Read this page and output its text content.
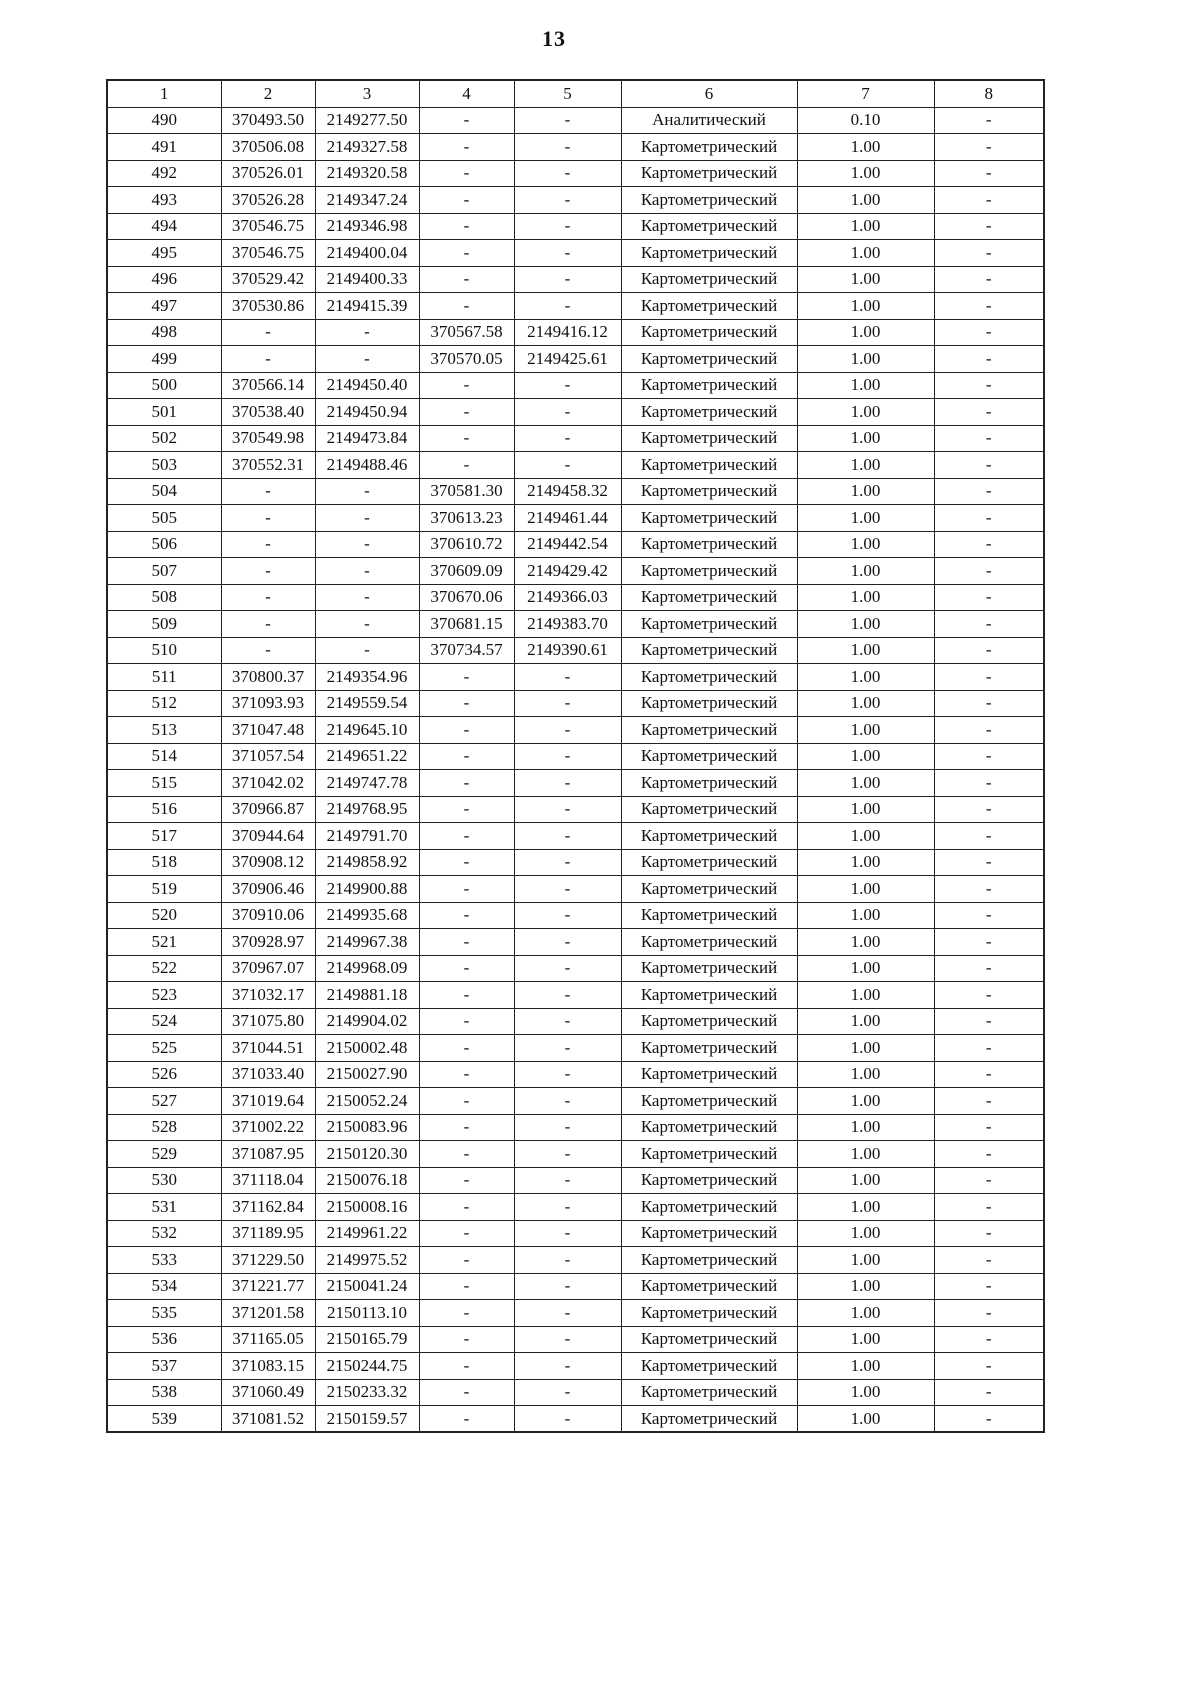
13
1	2	3	4	5	6	7	8
490	370493.50	2149277.50	-	-	Аналитический	0.10	-
491	370506.08	2149327.58	-	-	Картометрический	1.00	-
492	370526.01	2149320.58	-	-	Картометрический	1.00	-
493	370526.28	2149347.24	-	-	Картометрический	1.00	-
494	370546.75	2149346.98	-	-	Картометрический	1.00	-
495	370546.75	2149400.04	-	-	Картометрический	1.00	-
496	370529.42	2149400.33	-	-	Картометрический	1.00	-
497	370530.86	2149415.39	-	-	Картометрический	1.00	-
498	-	-	370567.58	2149416.12	Картометрический	1.00	-
499	-	-	370570.05	2149425.61	Картометрический	1.00	-
500	370566.14	2149450.40	-	-	Картометрический	1.00	-
501	370538.40	2149450.94	-	-	Картометрический	1.00	-
502	370549.98	2149473.84	-	-	Картометрический	1.00	-
503	370552.31	2149488.46	-	-	Картометрический	1.00	-
504	-	-	370581.30	2149458.32	Картометрический	1.00	-
505	-	-	370613.23	2149461.44	Картометрический	1.00	-
506	-	-	370610.72	2149442.54	Картометрический	1.00	-
507	-	-	370609.09	2149429.42	Картометрический	1.00	-
508	-	-	370670.06	2149366.03	Картометрический	1.00	-
509	-	-	370681.15	2149383.70	Картометрический	1.00	-
510	-	-	370734.57	2149390.61	Картометрический	1.00	-
511	370800.37	2149354.96	-	-	Картометрический	1.00	-
512	371093.93	2149559.54	-	-	Картометрический	1.00	-
513	371047.48	2149645.10	-	-	Картометрический	1.00	-
514	371057.54	2149651.22	-	-	Картометрический	1.00	-
515	371042.02	2149747.78	-	-	Картометрический	1.00	-
516	370966.87	2149768.95	-	-	Картометрический	1.00	-
517	370944.64	2149791.70	-	-	Картометрический	1.00	-
518	370908.12	2149858.92	-	-	Картометрический	1.00	-
519	370906.46	2149900.88	-	-	Картометрический	1.00	-
520	370910.06	2149935.68	-	-	Картометрический	1.00	-
521	370928.97	2149967.38	-	-	Картометрический	1.00	-
522	370967.07	2149968.09	-	-	Картометрический	1.00	-
523	371032.17	2149881.18	-	-	Картометрический	1.00	-
524	371075.80	2149904.02	-	-	Картометрический	1.00	-
525	371044.51	2150002.48	-	-	Картометрический	1.00	-
526	371033.40	2150027.90	-	-	Картометрический	1.00	-
527	371019.64	2150052.24	-	-	Картометрический	1.00	-
528	371002.22	2150083.96	-	-	Картометрический	1.00	-
529	371087.95	2150120.30	-	-	Картометрический	1.00	-
530	371118.04	2150076.18	-	-	Картометрический	1.00	-
531	371162.84	2150008.16	-	-	Картометрический	1.00	-
532	371189.95	2149961.22	-	-	Картометрический	1.00	-
533	371229.50	2149975.52	-	-	Картометрический	1.00	-
534	371221.77	2150041.24	-	-	Картометрический	1.00	-
535	371201.58	2150113.10	-	-	Картометрический	1.00	-
536	371165.05	2150165.79	-	-	Картометрический	1.00	-
537	371083.15	2150244.75	-	-	Картометрический	1.00	-
538	371060.49	2150233.32	-	-	Картометрический	1.00	-
539	371081.52	2150159.57	-	-	Картометрический	1.00	-
